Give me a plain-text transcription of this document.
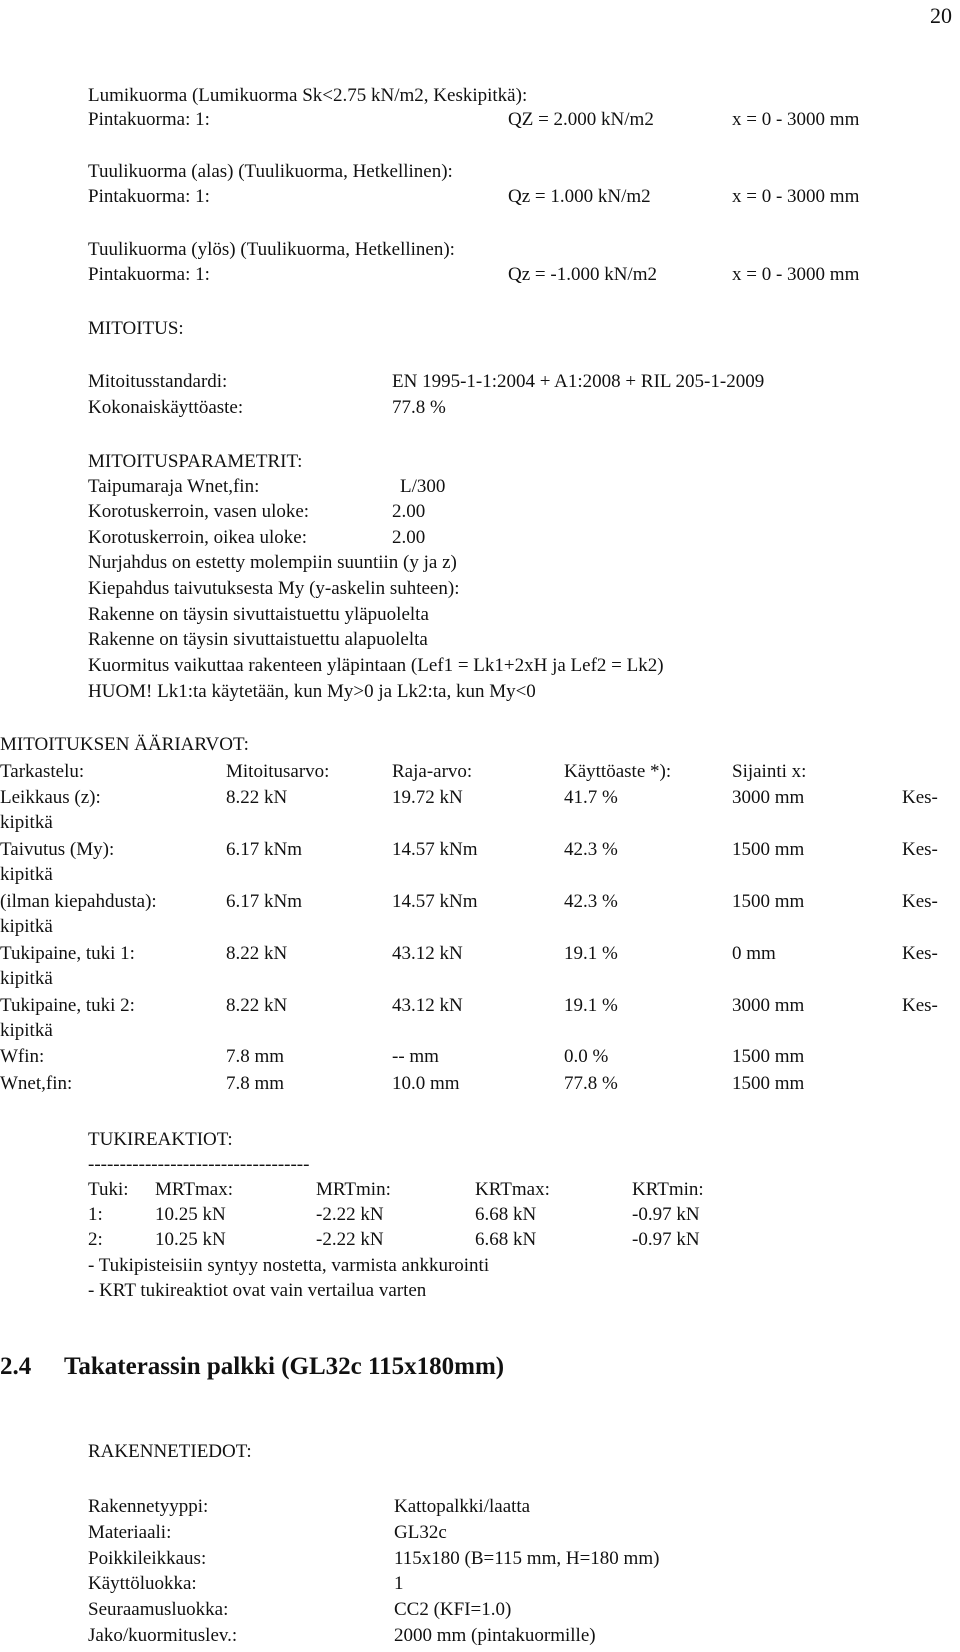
20
Lumikuorma (Lumikuorma Sk<2.75 kN/m2, Keskipitkä):
Pintakuorma: 1:	QZ = 2.000 kN/m2	x = 0 - 3000 mm
Tuulikuorma (alas) (Tuulikuorma, Hetkellinen):
Pintakuorma: 1:	Qz = 1.000 kN/m2	x = 0 - 3000 mm
Tuulikuorma (ylös) (Tuulikuorma, Hetkellinen):
Pintakuorma: 1:	Qz = -1.000 kN/m2	x = 0 - 3000 mm
MITOITUS:
Mitoitusstandardi:	EN 1995-1-1:2004 + A1:2008 + RIL 205-1-2009
Kokonaiskäyttöaste:	77.8 %
MITOITUSPARAMETRIT:
Taipumaraja Wnet,fin:	L/300
Korotuskerroin, vasen uloke:	2.00
Korotuskerroin, oikea uloke:	2.00
Nurjahdus on estetty molempiin suuntiin (y ja z)
Kiepahdus taivutuksesta My (y-askelin suhteen):
Rakenne on täysin sivuttaistuettu yläpuolelta
Rakenne on täysin sivuttaistuettu alapuolelta
Kuormitus vaikuttaa rakenteen yläpintaan (Lef1 = Lk1+2xH ja Lef2 = Lk2)
HUOM! Lk1:ta käytetään, kun My>0 ja Lk2:ta, kun My<0
MITOITUKSEN ÄÄRIARVOT:
Tarkastelu:	Mitoitusarvo:	Raja-arvo:	Käyttöaste *):	Sijainti x:
Leikkaus (z):	8.22 kN	19.72 kN	41.7 %	3000 mm	Kes-
kipitkä
Taivutus (My):	6.17 kNm	14.57 kNm	42.3 %	1500 mm	Kes-
kipitkä
(ilman kiepahdusta):	6.17 kNm	14.57 kNm	42.3 %	1500 mm	Kes-
kipitkä
Tukipaine, tuki 1:	8.22 kN	43.12 kN	19.1 %	0 mm	Kes-
kipitkä
Tukipaine, tuki 2:	8.22 kN	43.12 kN	19.1 %	3000 mm	Kes-
kipitkä
Wfin:	7.8 mm	-- mm	0.0 %	1500 mm
Wnet,fin:	7.8 mm	10.0 mm	77.8 %	1500 mm
TUKIREAKTIOT:
-----------------------------------
Tuki: MRTmax:	MRTmin:	KRTmax:	KRTmin:
1:	10.25 kN	-2.22 kN	6.68 kN	-0.97 kN
2:	10.25 kN	-2.22 kN	6.68 kN	-0.97 kN
- Tukipisteisiin syntyy nostetta, varmista ankkurointi
- KRT tukireaktiot ovat vain vertailua varten
2.4 Takaterassin palkki (GL32c 115x180mm)
RAKENNETIEDOT:
Rakennetyyppi:	Kattopalkki/laatta
Materiaali:	GL32c
Poikkileikkaus:	115x180 (B=115 mm, H=180 mm)
Käyttöluokka:	1
Seuraamusluokka:	CC2 (KFI=1.0)
Jako/kuormituslev.:	2000 mm (pintakuormille)
